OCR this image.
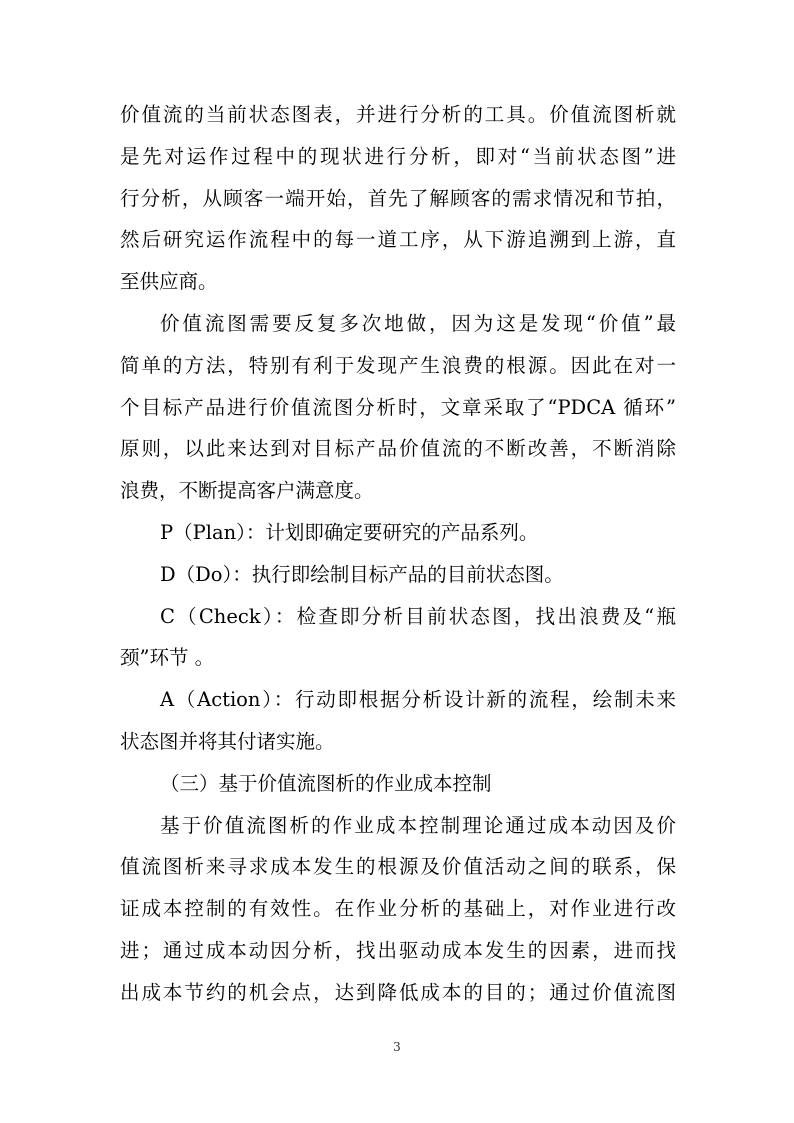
价值流的当前状态图表，并进行分析的工具。价值流图析就
是先对运作过程中的现状进行分析，即对“当前状态图”进
行分析，从顾客一端开始，首先了解顾客的需求情况和节拍，
然后研究运作流程中的每一道工序，从下游追溯到上游，直
至供应商。
价值流图需要反复多次地做，因为这是发现“价值”最
简单的方法，特别有利于发现产生浪费的根源。因此在对一
个目标产品进行价值流图分析时，文章采取了“PDCA 循环”
原则，以此来达到对目标产品价值流的不断改善，不断消除
浪费，不断提高客户满意度。
P（Plan）：计划即确定要研究的产品系列。
D（Do）：执行即绘制目标产品的目前状态图。
C（Check）：检查即分析目前状态图，找出浪费及“瓶
颈”环节 。
A（Action）：行动即根据分析设计新的流程，绘制未来
状态图并将其付诸实施。
（三）基于价值流图析的作业成本控制
基于价值流图析的作业成本控制理论通过成本动因及价
值流图析来寻求成本发生的根源及价值活动之间的联系，保
证成本控制的有效性。在作业分析的基础上，对作业进行改
进；通过成本动因分析，找出驱动成本发生的因素，进而找
出成本节约的机会点，达到降低成本的目的；通过价值流图
3
